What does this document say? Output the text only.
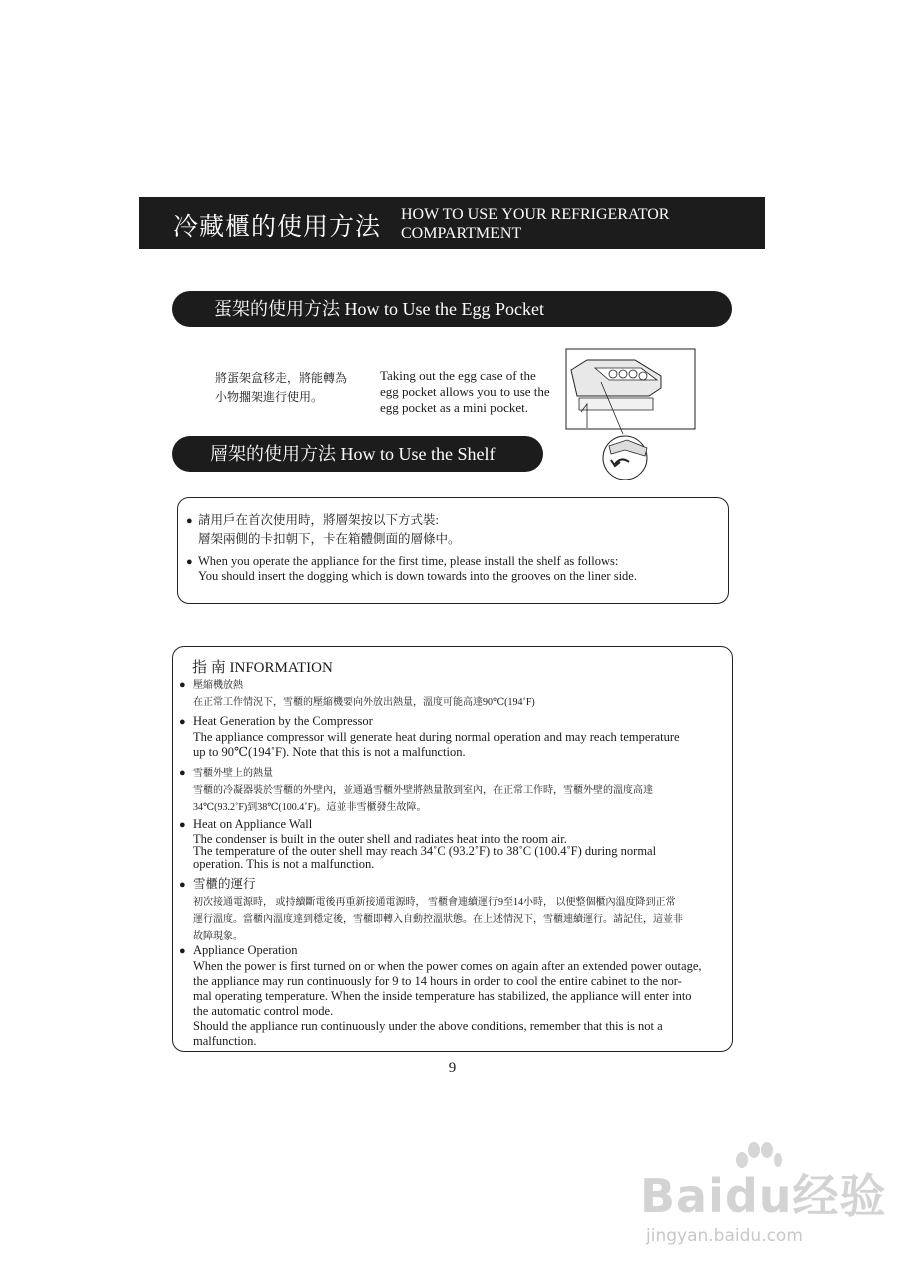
冷藏櫃的使用方法 HOW TO USE YOUR REFRIGERATOR
COMPARTMENT
蛋架的使用方法 How to Use the Egg Pocket
將蛋架盒移走，將能轉為
小物擱架進行使用。
Taking out the egg case of the
egg pocket allows you to use the
egg pocket as a mini pocket.
層架的使用方法 How to Use the Shelf
● 請用戶在首次使用時，將層架按以下方式裝:
層架兩側的卡扣朝下，卡在箱體側面的層條中。
● When you operate the appliance for the first time, please install the shelf as follows:
You should insert the dogging which is down towards into the grooves on the liner side.
指 南 INFORMATION
● 壓縮機放熱
在正常工作情況下，雪櫃的壓縮機要向外放出熱量，溫度可能高達90℃(194˚F)
● Heat Generation by the Compressor
The appliance compressor will generate heat during normal operation and may reach temperature
up to 90℃(194˚F). Note that this is not a malfunction.
● 雪櫃外壁上的熱量
雪櫃的冷凝器裝於雪櫃的外壁內，並通過雪櫃外壁將熱量散到室內，在正常工作時，雪櫃外壁的溫度高達
34℃(93.2˚F)到38℃(100.4˚F)。這並非雪櫃發生故障。
● Heat on Appliance Wall
The condenser is built in the outer shell and radiates heat into the room air.
The temperature of the outer shell may reach 34˚C (93.2˚F) to 38˚C (100.4˚F) during normal
operation. This is not a malfunction.
● 雪櫃的運行
初次接通電源時， 或持續斷電後再重新接通電源時， 雪櫃會連續運行9至14小時， 以便整個櫃內溫度降到正常
運行溫度。當櫃內溫度達到穩定後，雪櫃即轉入自動控溫狀態。在上述情況下，雪櫃連續運行。請記住，這並非
故障現象。
● Appliance Operation
When the power is first turned on or when the power comes on again after an extended power outage,
the appliance may run continuously for 9 to 14 hours in order to cool the entire cabinet to the nor-
mal operating temperature. When the inside temperature has stabilized, the appliance will enter into
the automatic control mode.
Should the appliance run continuously under the above conditions, remember that this is not a
malfunction.
9
Baidu经验
jingyan.baidu.com
